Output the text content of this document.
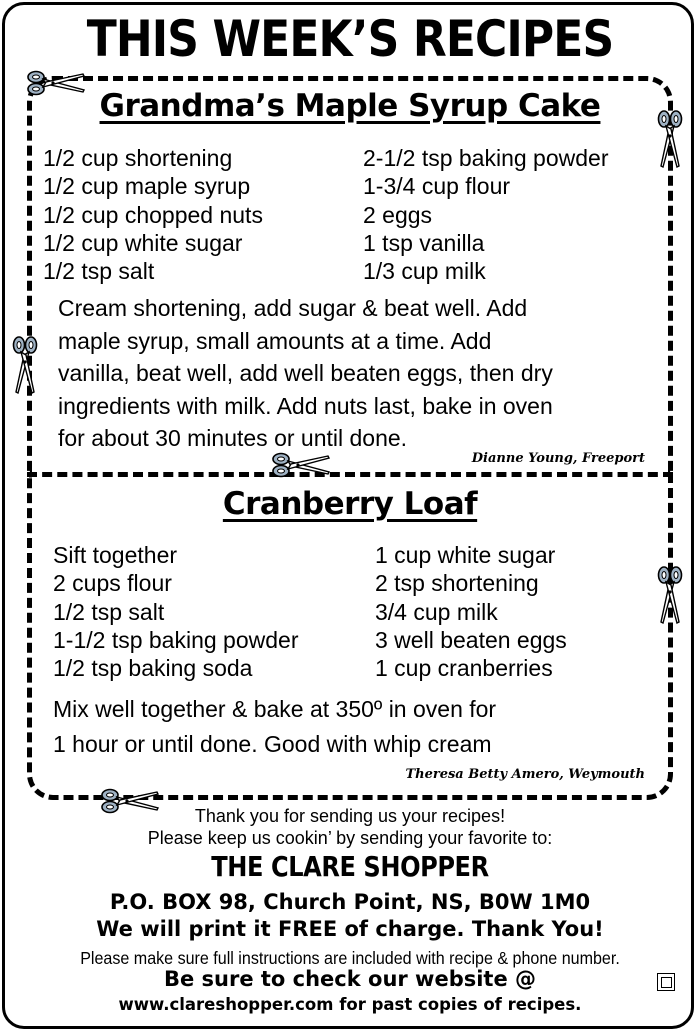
THIS WEEK’S RECIPES
Grandma’s Maple Syrup Cake
1/2 cup shortening
1/2 cup maple syrup
1/2 cup chopped nuts
1/2 cup white sugar
1/2 tsp salt
2-1/2 tsp baking powder
1-3/4 cup flour
2 eggs
1 tsp vanilla
1/3 cup milk
Cream shortening, add sugar & beat well. Add
maple syrup, small amounts at a time. Add
vanilla, beat well, add well beaten eggs, then dry
ingredients with milk. Add nuts last, bake in oven
for about 30 minutes or until done.
Dianne Young, Freeport
Cranberry Loaf
Sift together
2 cups flour
1/2 tsp salt
1-1/2 tsp baking powder
1/2 tsp baking soda
1 cup white sugar
2 tsp shortening
3/4 cup milk
3 well beaten eggs
1 cup cranberries
Mix well together & bake at 350º in oven for
1 hour or until done. Good with whip cream
Theresa Betty Amero, Weymouth
Thank you for sending us your recipes!
Please keep us cookin’ by sending your favorite to:
THE CLARE SHOPPER
P.O. BOX 98, Church Point, NS, B0W 1M0
We will print it FREE of charge. Thank You!
Please make sure full instructions are included with recipe & phone number.
Be sure to check our website @
www.clareshopper.com for past copies of recipes.
